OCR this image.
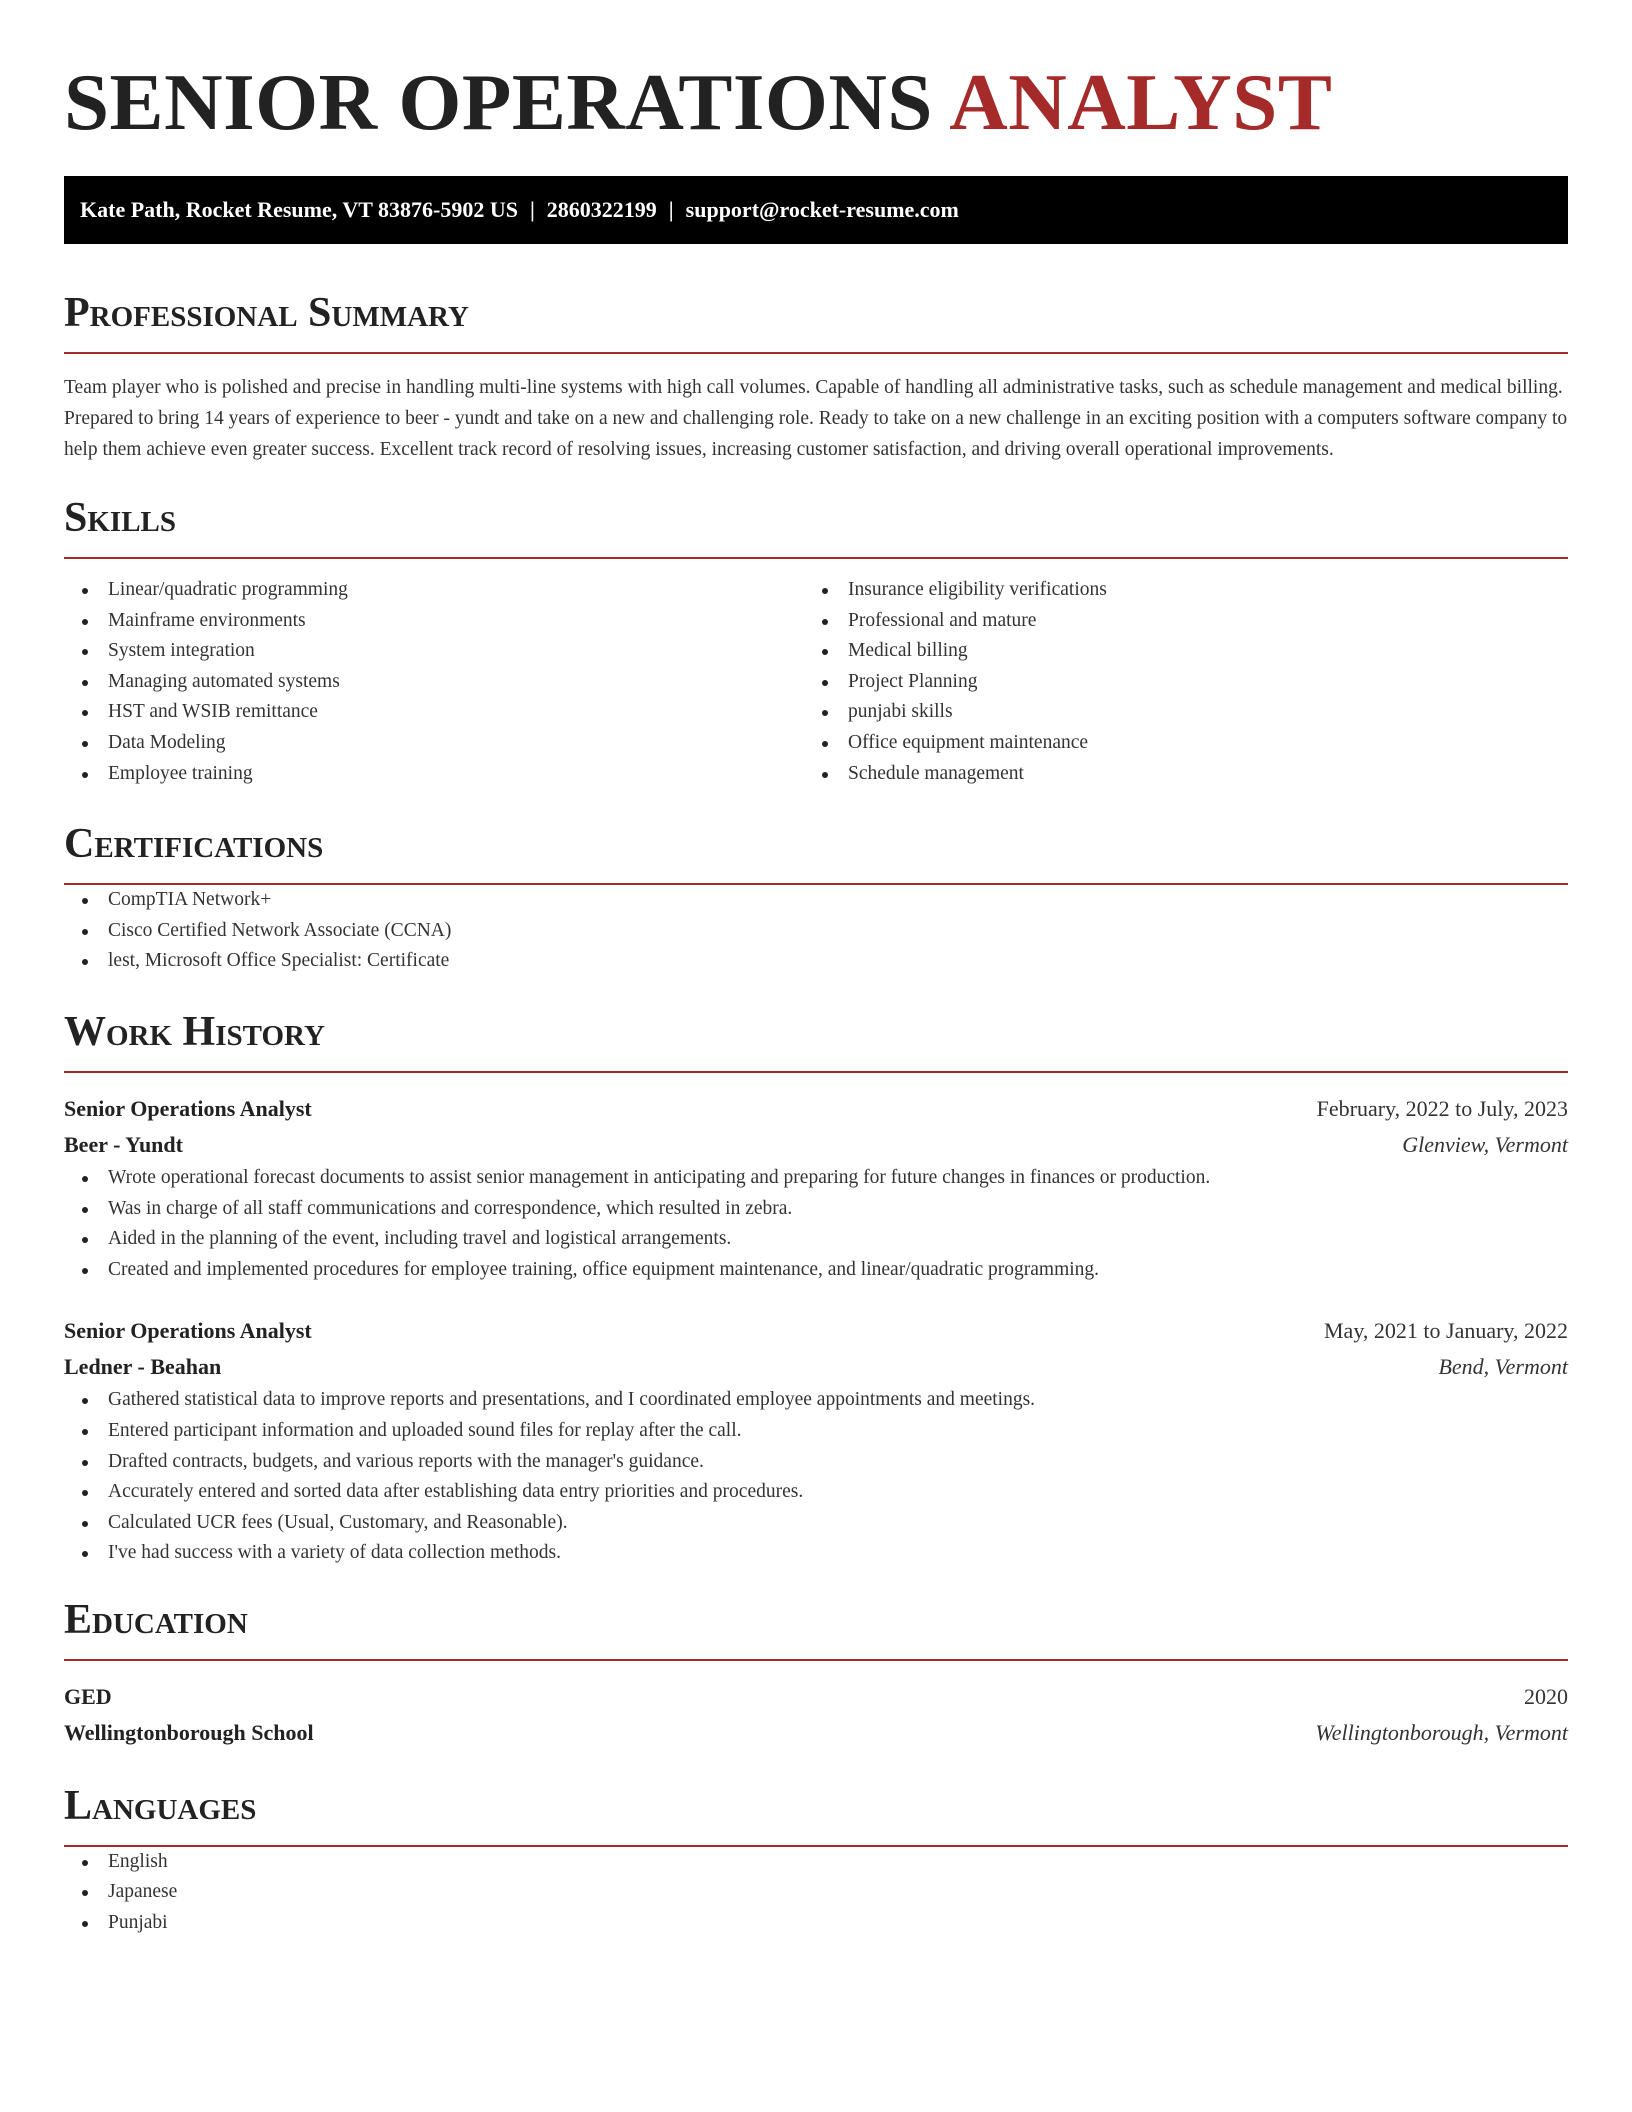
SENIOR OPERATIONS ANALYST
Kate Path, Rocket Resume, VT 83876-5902 US | 2860322199 | support@rocket-resume.com
Professional Summary

Team player who is polished and precise in handling multi-line systems with high call volumes. Capable of handling all administrative tasks, such as schedule management and medical billing. Prepared to bring 14 years of experience to beer - yundt and take on a new and challenging role. Ready to take on a new challenge in an exciting position with a computers software company to help them achieve even greater success. Excellent track record of resolving issues, increasing customer satisfaction, and driving overall operational improvements.

Skills
Linear/quadratic programming
Mainframe environments
System integration
Managing automated systems
HST and WSIB remittance
Data Modeling
Employee training
Insurance eligibility verifications
Professional and mature
Medical billing
Project Planning
punjabi skills
Office equipment maintenance
Schedule management
Certifications
CompTIA Network+
Cisco Certified Network Associate (CCNA)
lest, Microsoft Office Specialist: Certificate
Work History
Senior Operations Analyst	February, 2022 to July, 2023
Beer - Yundt	Glenview, Vermont
Wrote operational forecast documents to assist senior management in anticipating and preparing for future changes in finances or production.
Was in charge of all staff communications and correspondence, which resulted in zebra.
Aided in the planning of the event, including travel and logistical arrangements.
Created and implemented procedures for employee training, office equipment maintenance, and linear/quadratic programming.
Senior Operations Analyst	May, 2021 to January, 2022
Ledner - Beahan	Bend, Vermont
Gathered statistical data to improve reports and presentations, and I coordinated employee appointments and meetings.
Entered participant information and uploaded sound files for replay after the call.
Drafted contracts, budgets, and various reports with the manager's guidance.
Accurately entered and sorted data after establishing data entry priorities and procedures.
Calculated UCR fees (Usual, Customary, and Reasonable).
I've had success with a variety of data collection methods.
Education
GED	2020
Wellingtonborough School	Wellingtonborough, Vermont
Languages
English
Japanese
Punjabi
